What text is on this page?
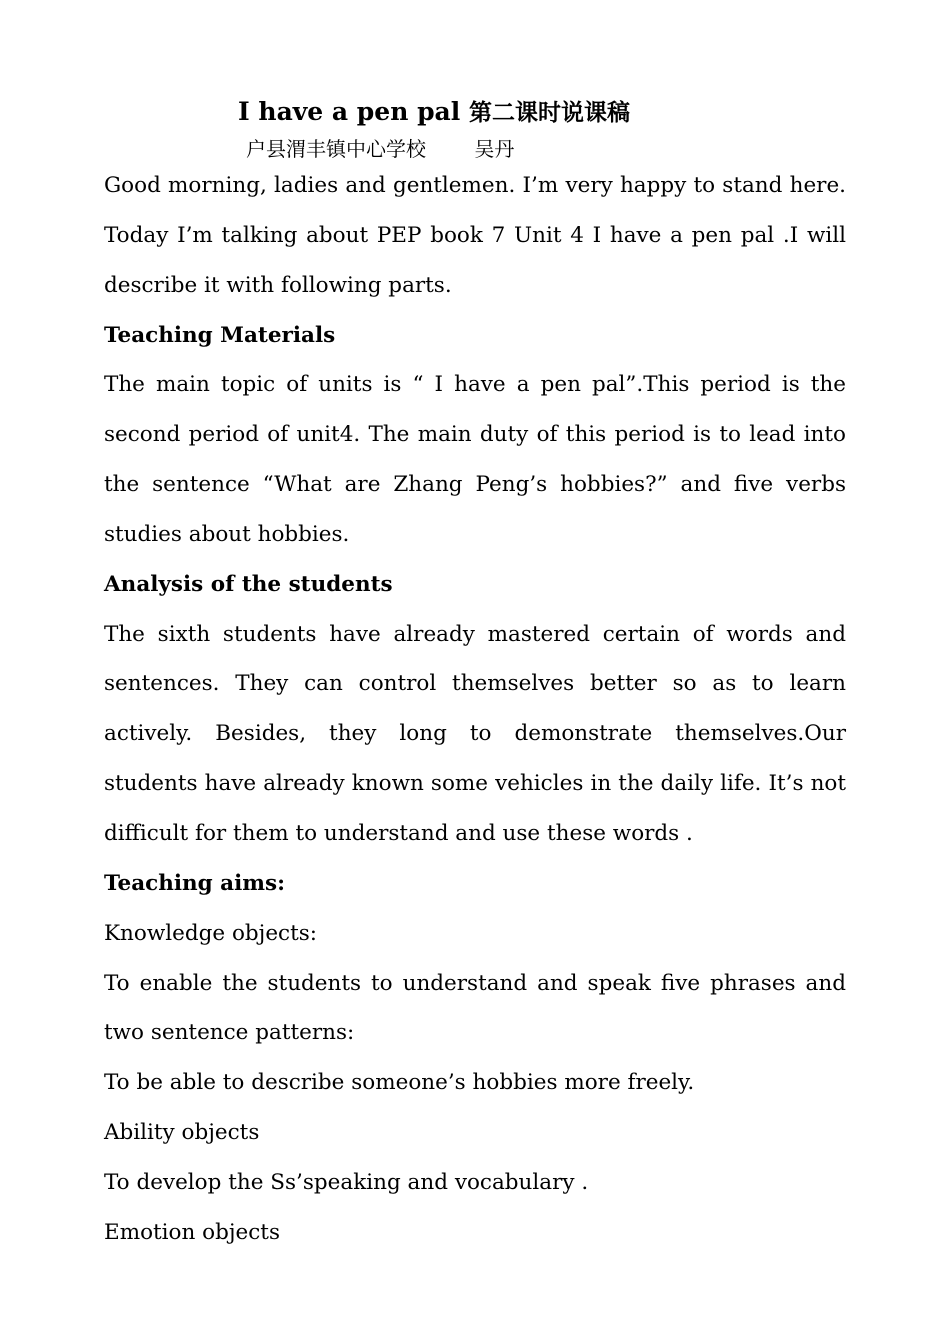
I have a pen pal 第二课时说课稿
户县渭丰镇中心学校 吴丹

Good morning, ladies and gentlemen. I’m very happy to stand here. Today I’m talking about PEP book 7 Unit 4 I have a pen pal .I will describe it with following parts.

Teaching Materials

The main topic of units is “ I have a pen pal”.This period is the second period of unit4. The main duty of this period is to lead into the sentence “What are Zhang Peng’s hobbies?” and five verbs studies about hobbies.

Analysis of the students

The sixth students have already mastered certain of words and sentences. They can control themselves better so as to learn actively. Besides, they long to demonstrate themselves.Our students have already known some vehicles in the daily life. It’s not difficult for them to understand and use these words .

Teaching aims:

Knowledge objects:

To enable the students to understand and speak five phrases and two sentence patterns:

To be able to describe someone’s hobbies more freely.

Ability objects

To develop the Ss’speaking and vocabulary .

Emotion objects
